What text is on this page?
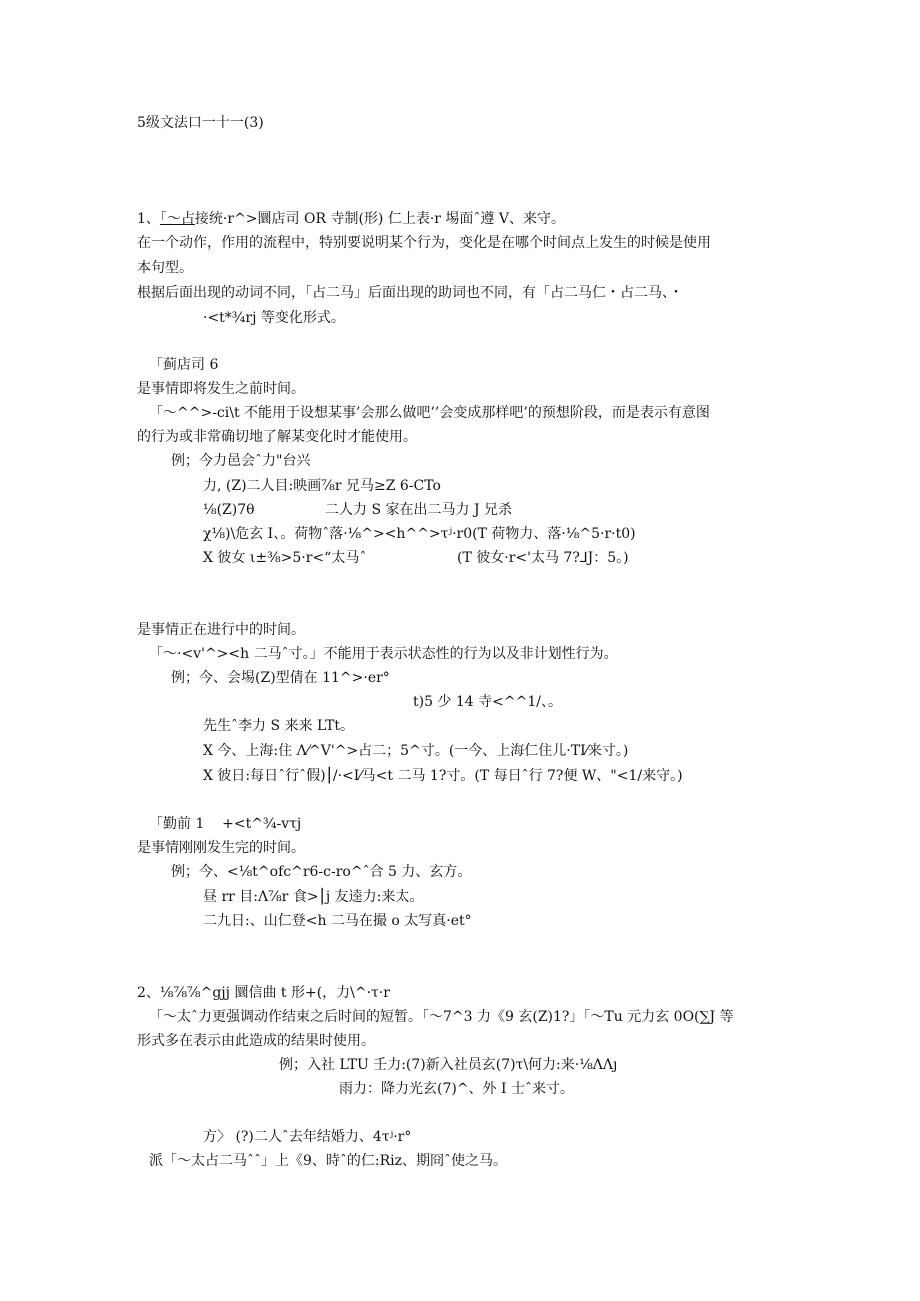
5级文法口一十一(3)
1、「～占接统·r^>圜店司 OR 寺制(形) 仁上表·r 埸面ˆ遵 V、来守。
在一个动作，作用的流程中，特别要说明某个行为，变化是在哪个时间点上发生的时候是使用
本句型。
根据后面出现的动词不同，「占二马」后面出现的助词也不同，有「占二马仁・占二马、・
·<t*¾rj 等变化形式。
「蓟店司 6
是事情即将发生之前时间。
「～^^>-ci\t 不能用于设想某事’会那么做吧’’会变成那样吧’的预想阶段，而是表示有意图
的行为或非常确切地了解某变化时才能使用。
例；今力邑会ˆ力"台兴
力, (Z)二人目:映画⅞r 兄马≥Z 6-CTo
⅛(Z)7θ	二人力 S 家在出二马力 J 兄杀
χ⅛)\危玄 I、。荷物ˆ落·⅛^><h^^>τʲ·r0(T 荷物力、落·⅛^5·r·t0)
X 彼女 ι±⅜>5·r<“太马ˆ	(T 彼女·r<'太马 7?⅃J：5。)
是事情正在进行中的时间。
「～·<v'^><h 二马ˆ寸。」不能用于表示状态性的行为以及非计划性行为。
例；今、会埸(Z)型倩在 11^>·er°
t)5 少 14 寺<^^1/、。
先生ˆ李力 S 来来 LTt。
X 今、上海:住 Λ⁄^V'^>占二；5^寸。(一今、上海仁住儿·TI⁄来寸。)
X 彼日:每日ˆ行ˆ假)⎮/·<I⁄马<t 二马 1?寸。(T 每日ˆ行 7?便 W、"<1/来守。)
「勤前 1    +<t^¾-vτj
是事情刚刚发生完的时间。
例；今、<⅛t^ofc^r6-c-ro^ˆ合 5 力、玄方。
昼 rr 目:Λ⅞r 食>⎮j 友逵力:来太。
二九日:、山仁登<h 二马在撮 o 太写真·et°
2、⅛⅞⅞^gjj 圜信曲 t 形+(，力\^·τ·r
「～太ˆ力更强调动作结束之后时间的短暂。「～7^3 力《9 玄(Z)1?」「～Tu 元力玄 0O(∑J 等
形式多在表示由此造成的结果时使用。
例；入社 LTU 壬力:(7)新入社员玄(7)τ\何力:来·⅛ΛΛȷ
雨力：降力光玄(7)^、外 I 士ˆ来寸。
方〉 (?)二人ˆ去年结婚力、4τʲ·r°
派「～太占二马ˆˆ」上《9、時ˆ的仁:Riz、期冏ˆ使之马。
